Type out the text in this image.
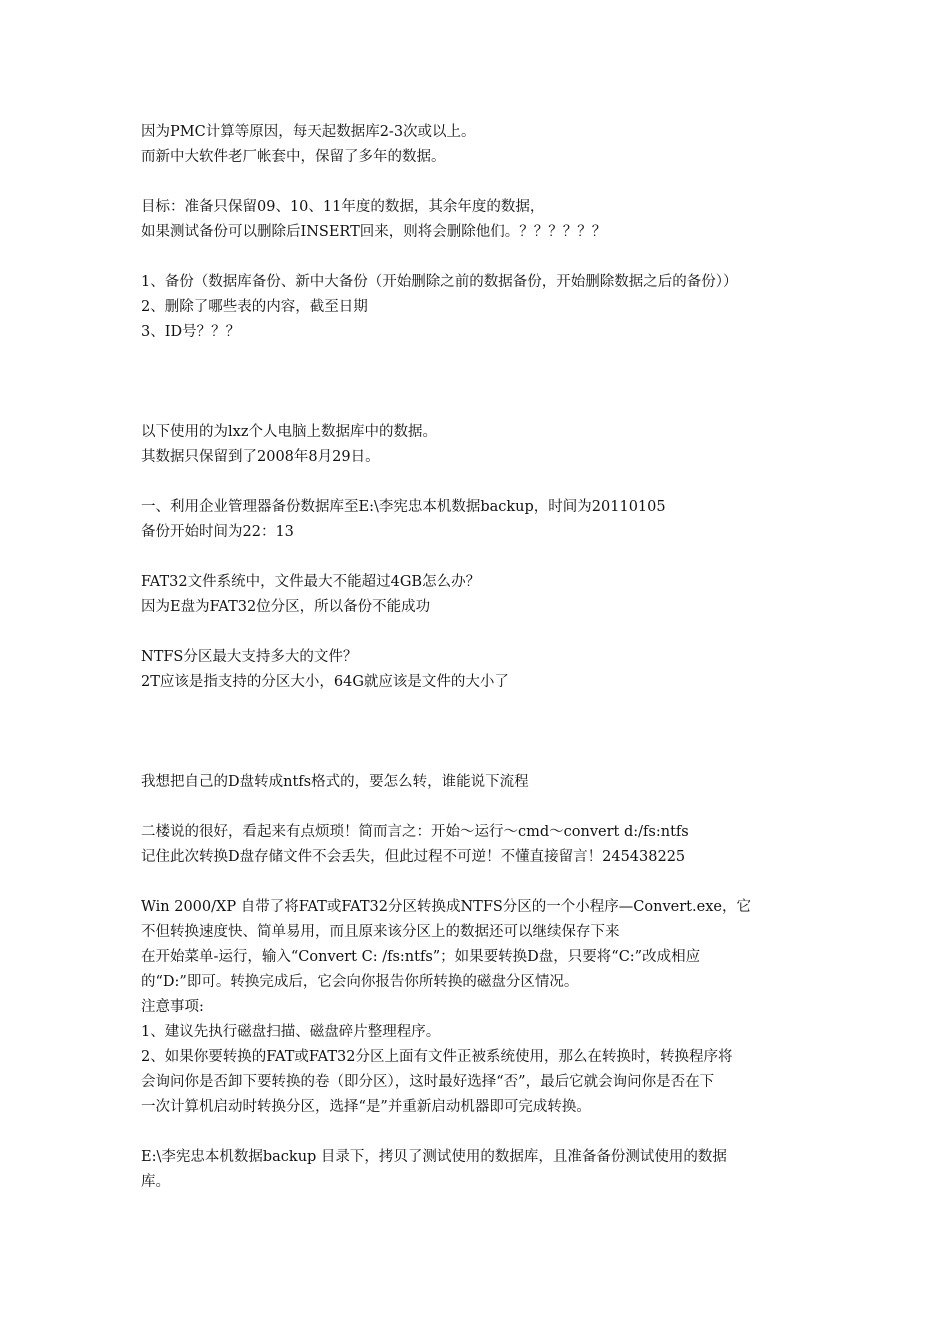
因为PMC计算等原因，每天起数据库2-3次或以上。
而新中大软件老厂帐套中，保留了多年的数据。
目标：准备只保留09、10、11年度的数据，其余年度的数据，
如果测试备份可以删除后INSERT回来，则将会删除他们。？？？？？？
1、备份（数据库备份、新中大备份（开始删除之前的数据备份，开始删除数据之后的备份））
2、删除了哪些表的内容，截至日期
3、ID号？？？
以下使用的为lxz个人电脑上数据库中的数据。
其数据只保留到了2008年8月29日。
一、利用企业管理器备份数据库至E:\李宪忠本机数据backup，时间为20110105
备份开始时间为22：13
FAT32文件系统中，文件最大不能超过4GB怎么办？
因为E盘为FAT32位分区，所以备份不能成功
NTFS分区最大支持多大的文件？
2T应该是指支持的分区大小，64G就应该是文件的大小了
我想把自己的D盘转成ntfs格式的，要怎么转，谁能说下流程
二楼说的很好，看起来有点烦琐！简而言之：开始～运行～cmd～convert d:/fs:ntfs
记住此次转换D盘存储文件不会丢失，但此过程不可逆！不懂直接留言！245438225
Win 2000/XP 自带了将FAT或FAT32分区转换成NTFS分区的一个小程序—Convert.exe，它
不但转换速度快、简单易用，而且原来该分区上的数据还可以继续保存下来
在开始菜单-运行，输入“Convert C: /fs:ntfs”；如果要转换D盘，只要将“C:”改成相应
的“D:”即可。转换完成后，它会向你报告你所转换的磁盘分区情况。
注意事项:
1、建议先执行磁盘扫描、磁盘碎片整理程序。
2、如果你要转换的FAT或FAT32分区上面有文件正被系统使用，那么在转换时，转换程序将
会询问你是否卸下要转换的卷（即分区），这时最好选择“否”，最后它就会询问你是否在下
一次计算机启动时转换分区，选择“是”并重新启动机器即可完成转换。
E:\李宪忠本机数据backup 目录下，拷贝了测试使用的数据库，且准备备份测试使用的数据
库。
